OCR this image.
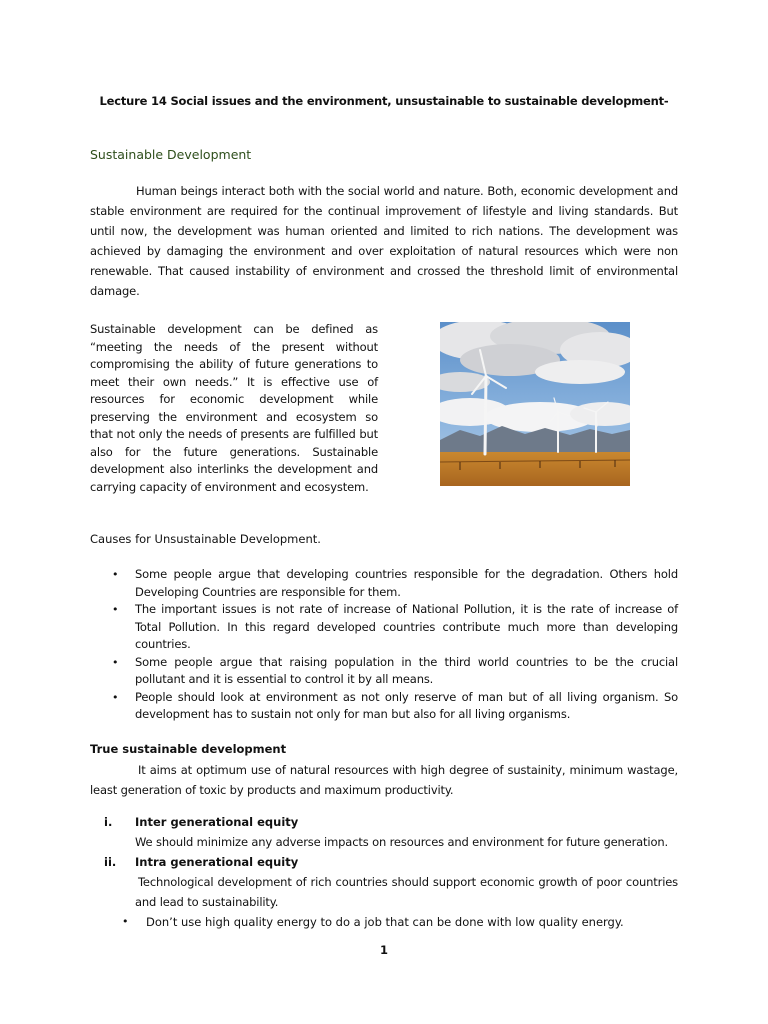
Lecture 14 Social issues and the environment, unsustainable to sustainable development-
Sustainable Development
Human beings interact both with the social world and nature. Both, economic development and stable environment are required for the continual improvement of lifestyle and living standards. But until now, the development was human oriented and limited to rich nations. The development was achieved by damaging the environment and over exploitation of natural resources which were non renewable. That caused instability of environment and crossed the threshold limit of environmental damage.
Sustainable development can be defined as “meeting the needs of the present without compromising the ability of future generations to meet their own needs.” It is effective use of resources for economic development while preserving the environment and ecosystem so that not only the needs of presents are fulfilled but also for the future generations. Sustainable development also interlinks the development and carrying capacity of environment and ecosystem.
Causes for Unsustainable Development.
• Some people argue that developing countries responsible for the degradation. Others hold Developing Countries are responsible for them.
• The important issues is not rate of increase of National Pollution, it is the rate of increase of Total Pollution. In this regard developed countries contribute much more than developing countries.
• Some people argue that raising population in the third world countries to be the crucial pollutant and it is essential to control it by all means.
• People should look at environment as not only reserve of man but of all living organism. So development has to sustain not only for man but also for all living organisms.
True sustainable development
It aims at optimum use of natural resources with high degree of sustainity, minimum wastage, least generation of toxic by products and maximum productivity.
i. Inter generational equity
We should minimize any adverse impacts on resources and environment for future generation.
ii. Intra generational equity
Technological development of rich countries should support economic growth of poor countries and lead to sustainability.
• Don’t use high quality energy to do a job that can be done with low quality energy.
1
